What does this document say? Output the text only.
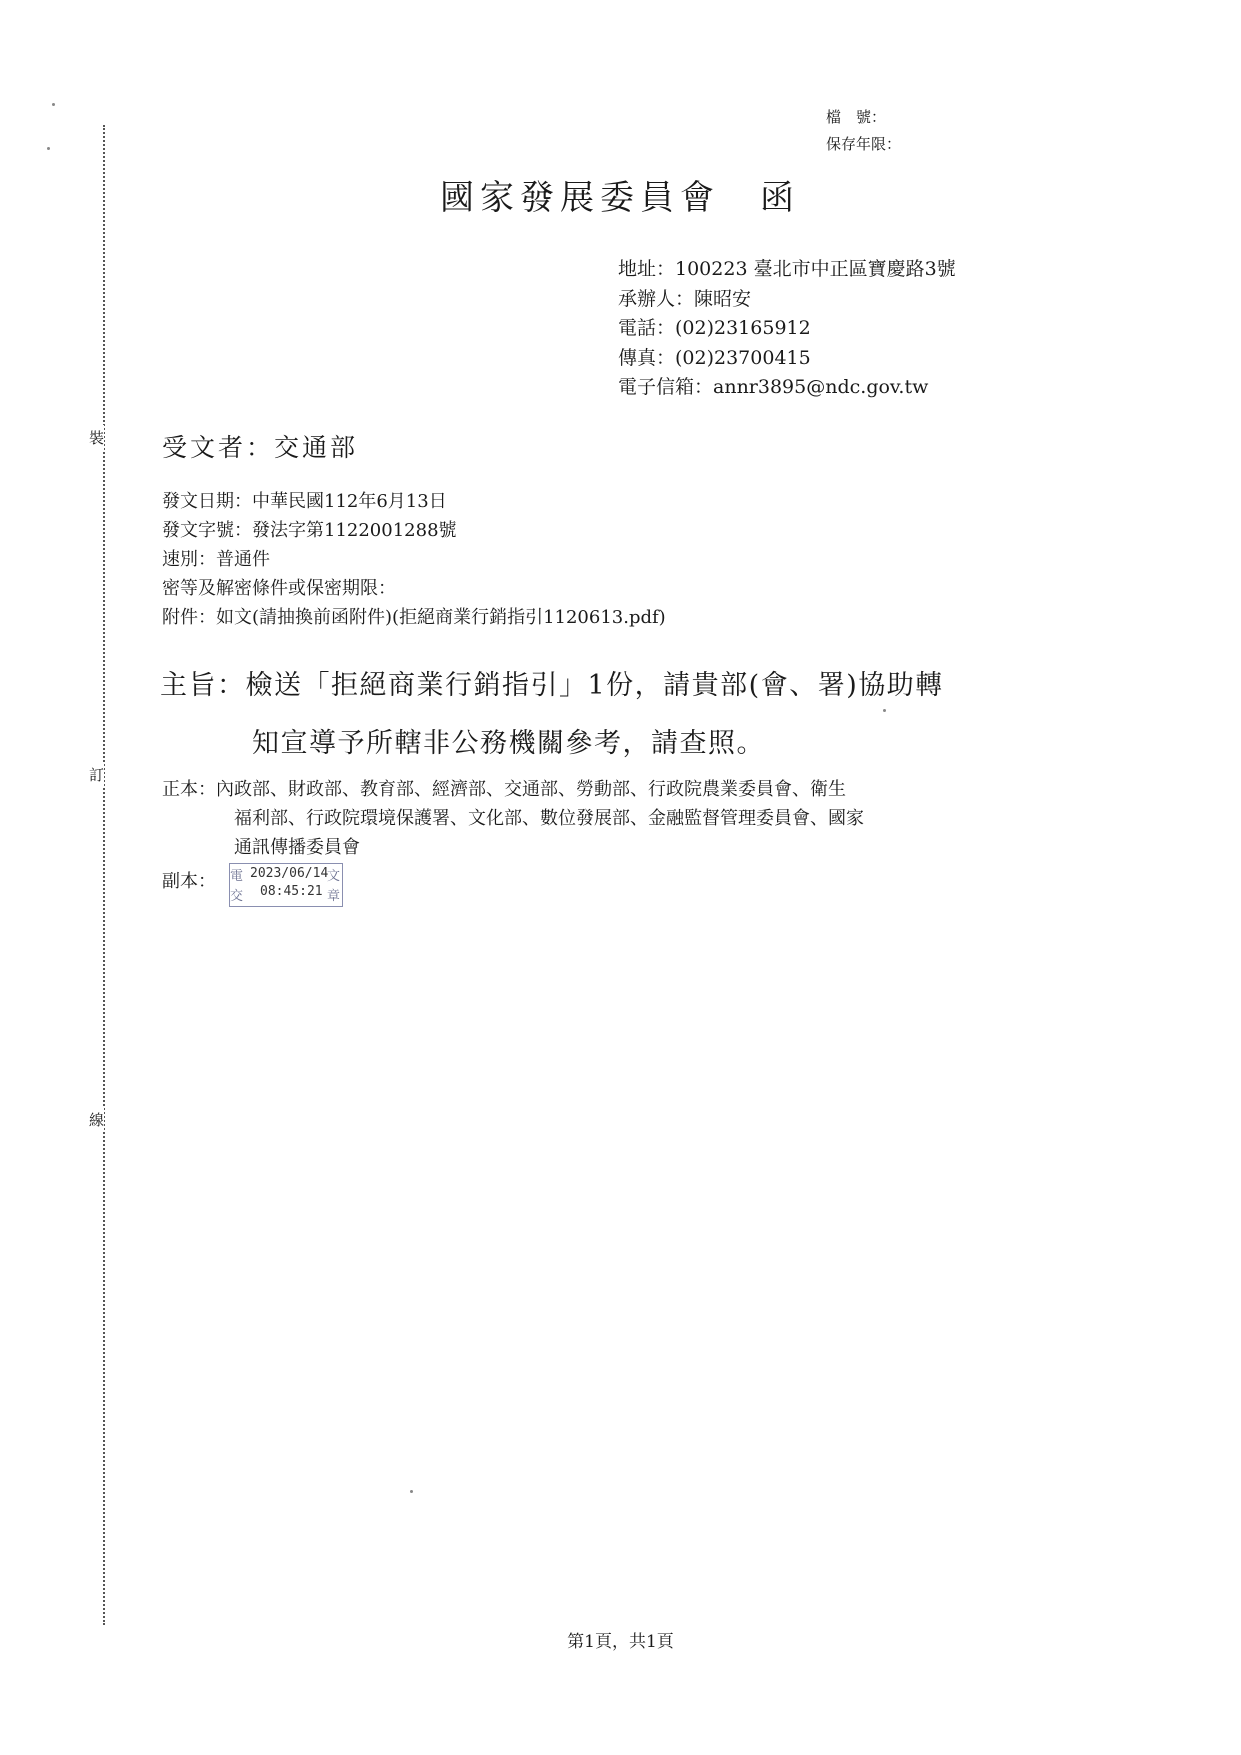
裝
訂
線
檔　號：
保存年限：
國家發展委員會　函
地址：100223 臺北市中正區寶慶路3號
承辦人：陳昭安
電話：(02)23165912
傳真：(02)23700415
電子信箱：annr3895@ndc.gov.tw
受文者：交通部
發文日期：中華民國112年6月13日
發文字號：發法字第1122001288號
速別：普通件
密等及解密條件或保密期限：
附件：如文(請抽換前函附件)(拒絕商業行銷指引1120613.pdf)
主旨：檢送「拒絕商業行銷指引」1份，請貴部(會、署)協助轉
知宣導予所轄非公務機關參考，請查照。
正本：內政部、財政部、教育部、經濟部、交通部、勞動部、行政院農業委員會、衛生
福利部、行政院環境保護署、文化部、數位發展部、金融監督管理委員會、國家
通訊傳播委員會
副本： 電
交
2023/06/14
08:45:21
文
章
第1頁，共1頁
